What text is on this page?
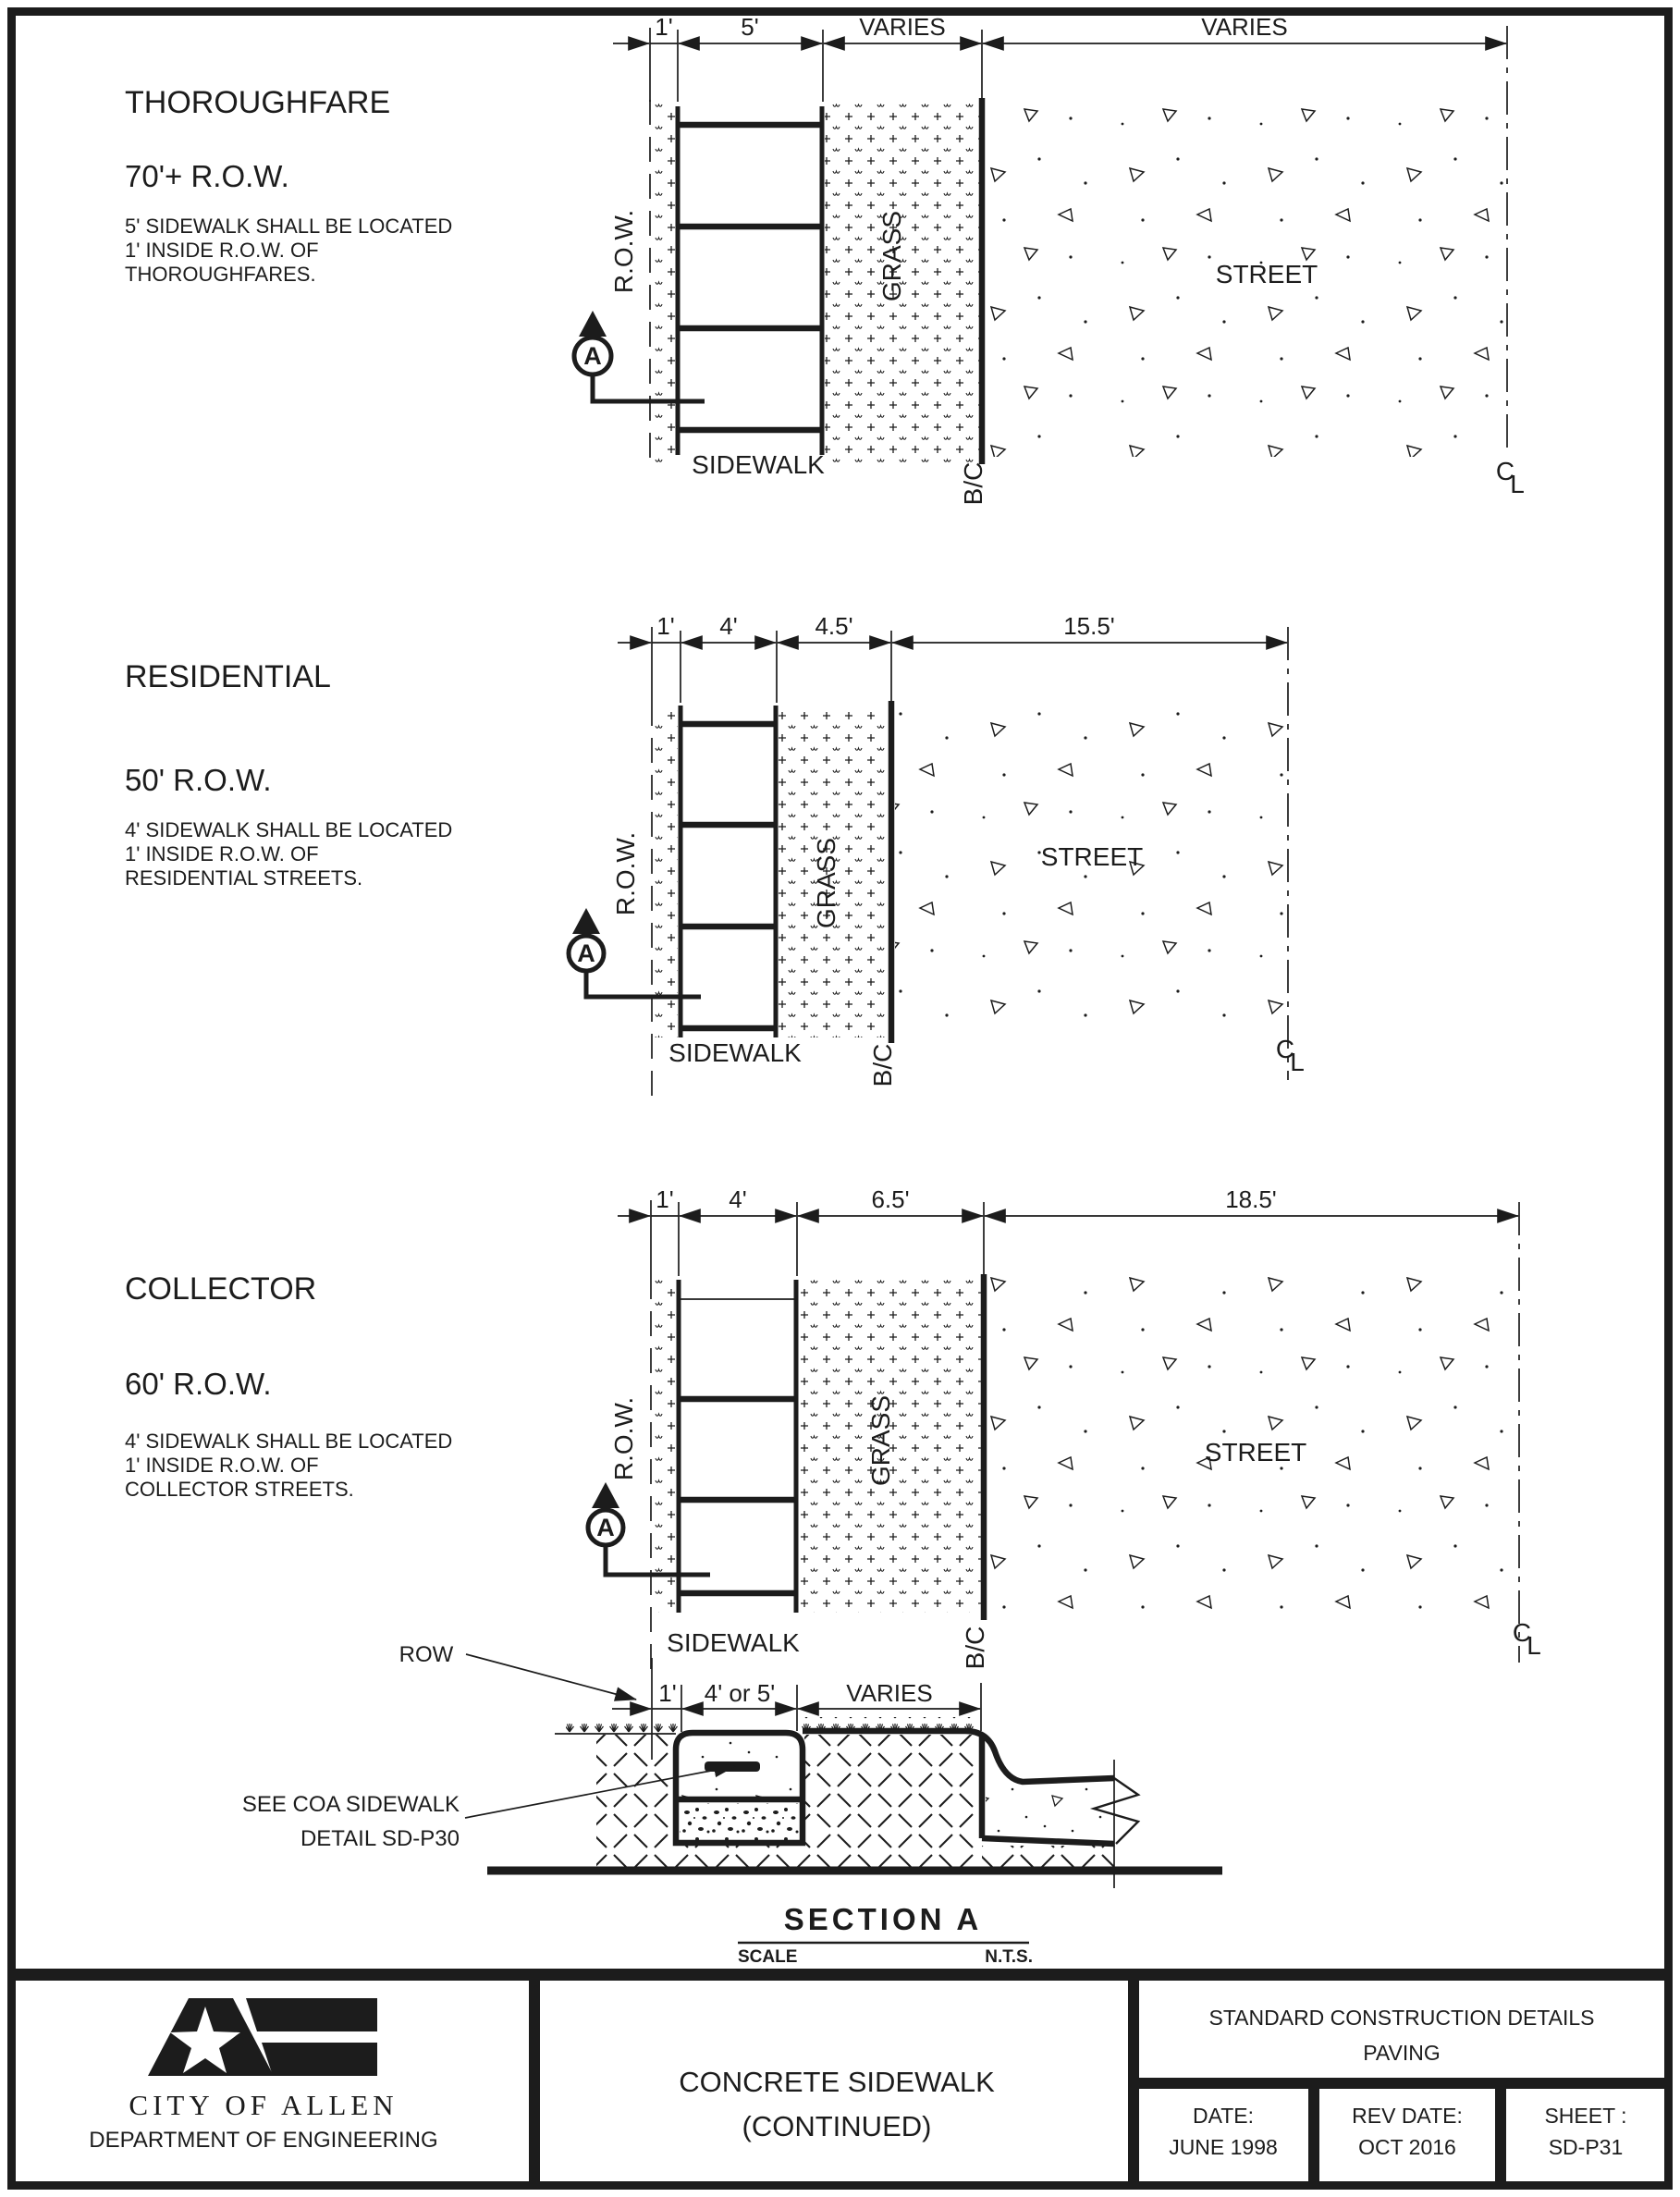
THOROUGHFARE
70'+ R.O.W.
5' SIDEWALK SHALL BE LOCATED
1' INSIDE R.O.W. OF
THOROUGHFARES.
1'	5'	VARIES	VARIES
R.O.W.	GRASS	STREET
SIDEWALK	B/C	C
L
A
RESIDENTIAL
50' R.O.W.
4' SIDEWALK SHALL BE LOCATED
1' INSIDE R.O.W. OF
RESIDENTIAL STREETS.
1' 4'	4.5'	15.5'
R.O.W.	GRASS	STREET
SIDEWALK	B/C	C
L
A
COLLECTOR
60' R.O.W.
4' SIDEWALK SHALL BE LOCATED
1' INSIDE R.O.W. OF
COLLECTOR STREETS.
1' 4'	6.5'	18.5'
R.O.W.	GRASS	STREET
SIDEWALK	B/C	C
L
A
ROW
1' 4' or 5'	VARIES
SEE COA SIDEWALK
DETAIL SD-P30
SECTION A
SCALE	N.T.S.
CITY OF ALLEN
DEPARTMENT OF ENGINEERING
CONCRETE SIDEWALK
(CONTINUED)
STANDARD CONSTRUCTION DETAILS
PAVING
DATE:
JUNE 1998
REV DATE:
OCT 2016
SHEET :
SD-P31
